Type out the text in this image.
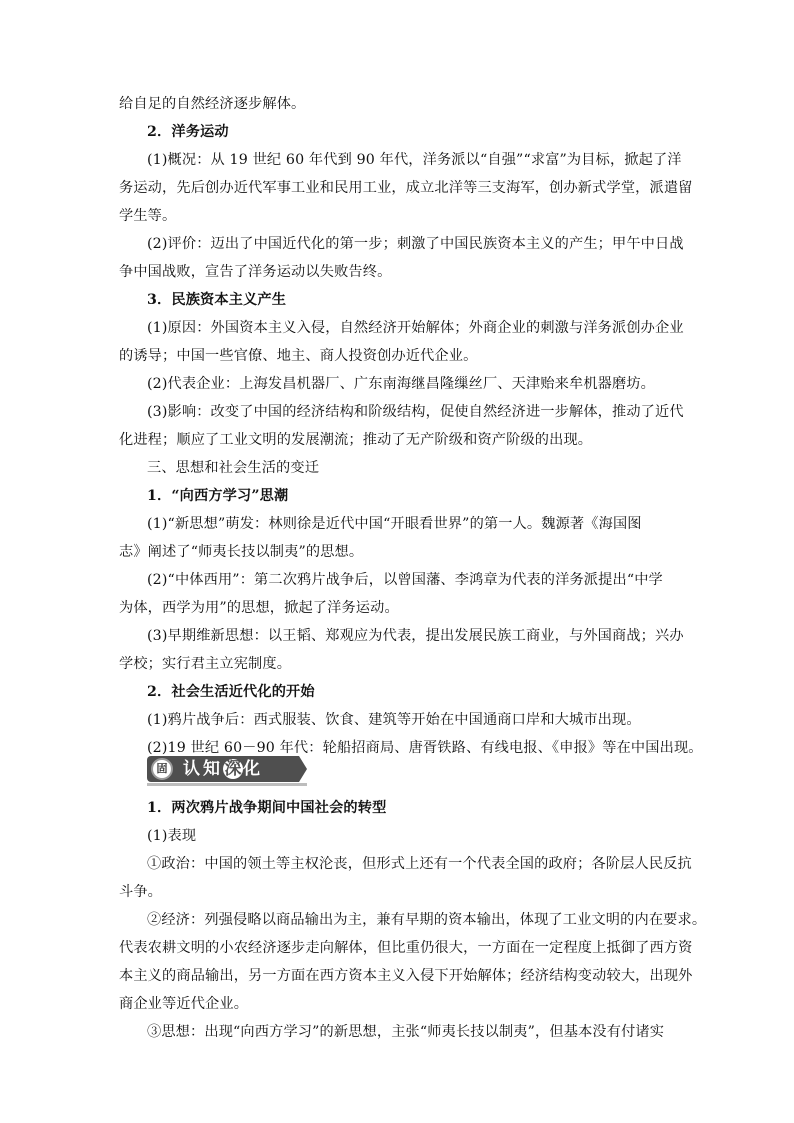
给自足的自然经济逐步解体。
2．洋务运动
(1)概况：从 19 世纪 60 年代到 90 年代，洋务派以“自强”“求富”为目标，掀起了洋
务运动，先后创办近代军事工业和民用工业，成立北洋等三支海军，创办新式学堂，派遣留
学生等。
(2)评价：迈出了中国近代化的第一步；刺激了中国民族资本主义的产生；甲午中日战
争中国战败，宣告了洋务运动以失败告终。
3．民族资本主义产生
(1)原因：外国资本主义入侵，自然经济开始解体；外商企业的刺激与洋务派创办企业
的诱导；中国一些官僚、地主、商人投资创办近代企业。
(2)代表企业：上海发昌机器厂、广东南海继昌隆缫丝厂、天津贻来牟机器磨坊。
(3)影响：改变了中国的经济结构和阶级结构，促使自然经济进一步解体，推动了近代
化进程；顺应了工业文明的发展潮流；推动了无产阶级和资产阶级的出现。
三、思想和社会生活的变迁
1．“向西方学习”思潮
(1)“新思想”萌发：林则徐是近代中国“开眼看世界”的第一人。魏源著《海国图
志》阐述了“师夷长技以制夷”的思想。
(2)“中体西用”：第二次鸦片战争后，以曾国藩、李鸿章为代表的洋务派提出“中学
为体，西学为用”的思想，掀起了洋务运动。
(3)早期维新思想：以王韬、郑观应为代表，提出发展民族工商业，与外国商战；兴办
学校；实行君主立宪制度。
2．社会生活近代化的开始
(1)鸦片战争后：西式服装、饮食、建筑等开始在中国通商口岸和大城市出现。
(2)19 世纪 60－90 年代：轮船招商局、唐胥铁路、有线电报、《申报》等在中国出现。
固 认知深化
1．两次鸦片战争期间中国社会的转型
(1)表现
①政治：中国的领土等主权沦丧，但形式上还有一个代表全国的政府；各阶层人民反抗
斗争。
②经济：列强侵略以商品输出为主，兼有早期的资本输出，体现了工业文明的内在要求。
代表农耕文明的小农经济逐步走向解体，但比重仍很大，一方面在一定程度上抵御了西方资
本主义的商品输出，另一方面在西方资本主义入侵下开始解体；经济结构变动较大，出现外
商企业等近代企业。
③思想：出现“向西方学习”的新思想，主张“师夷长技以制夷”，但基本没有付诸实
